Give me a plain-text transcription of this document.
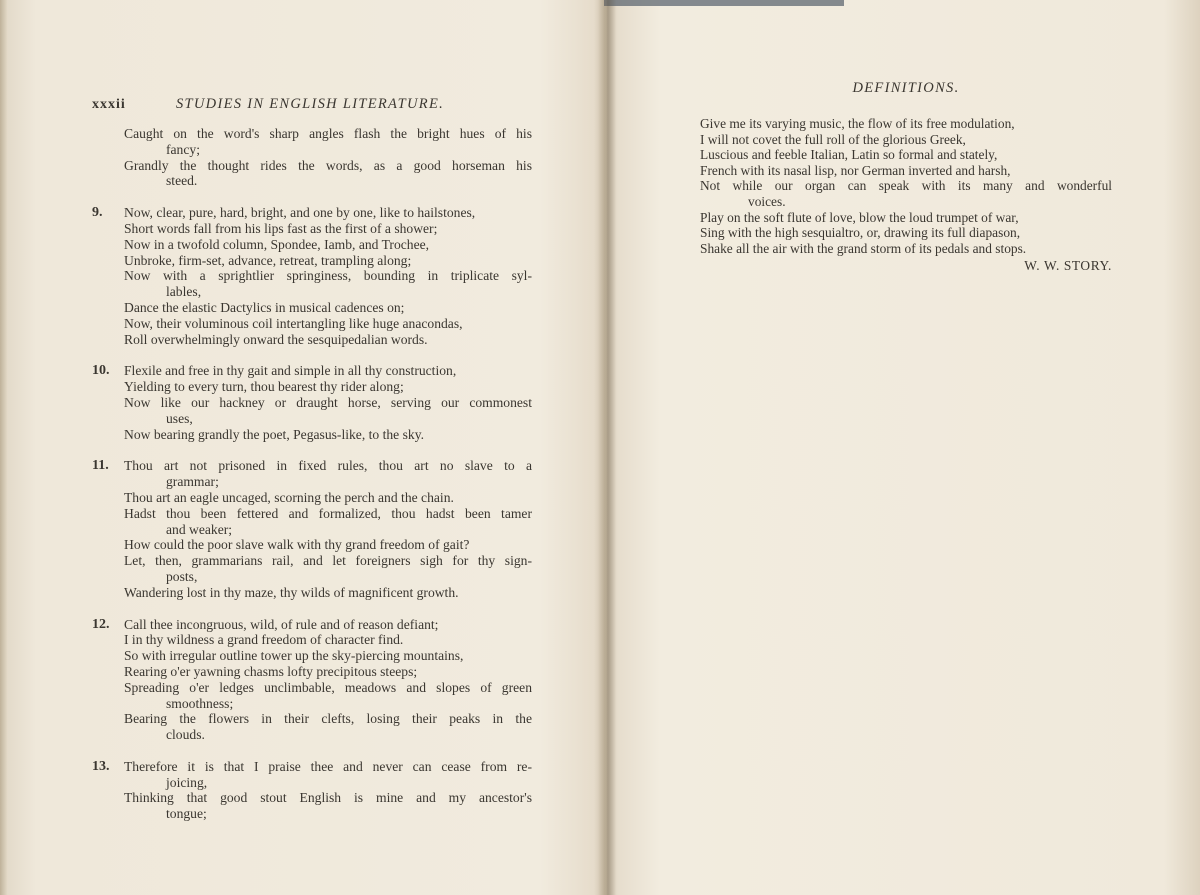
xxxii	STUDIES IN ENGLISH LITERATURE.
Caught on the word's sharp angles flash the bright hues of his
fancy;
Grandly the thought rides the words, as a good horseman his
steed.
9.	Now, clear, pure, hard, bright, and one by one, like to hailstones,
Short words fall from his lips fast as the first of a shower;
Now in a twofold column, Spondee, Iamb, and Trochee,
Unbroke, firm-set, advance, retreat, trampling along;
Now with a sprightlier springiness, bounding in triplicate syl-
lables,
Dance the elastic Dactylics in musical cadences on;
Now, their voluminous coil intertangling like huge anacondas,
Roll overwhelmingly onward the sesquipedalian words.
10.	Flexile and free in thy gait and simple in all thy construction,
Yielding to every turn, thou bearest thy rider along;
Now like our hackney or draught horse, serving our commonest
uses,
Now bearing grandly the poet, Pegasus-like, to the sky.
11.	Thou art not prisoned in fixed rules, thou art no slave to a
grammar;
Thou art an eagle uncaged, scorning the perch and the chain.
Hadst thou been fettered and formalized, thou hadst been tamer
and weaker;
How could the poor slave walk with thy grand freedom of gait?
Let, then, grammarians rail, and let foreigners sigh for thy sign-
posts,
Wandering lost in thy maze, thy wilds of magnificent growth.
12.	Call thee incongruous, wild, of rule and of reason defiant;
I in thy wildness a grand freedom of character find.
So with irregular outline tower up the sky-piercing mountains,
Rearing o'er yawning chasms lofty precipitous steeps;
Spreading o'er ledges unclimbable, meadows and slopes of green
smoothness;
Bearing the flowers in their clefts, losing their peaks in the
clouds.
13.	Therefore it is that I praise thee and never can cease from re-
joicing,
Thinking that good stout English is mine and my ancestor's
tongue;
DEFINITIONS.
Give me its varying music, the flow of its free modulation,
I will not covet the full roll of the glorious Greek,
Luscious and feeble Italian, Latin so formal and stately,
French with its nasal lisp, nor German inverted and harsh,
Not while our organ can speak with its many and wonderful
voices.
Play on the soft flute of love, blow the loud trumpet of war,
Sing with the high sesquialtro, or, drawing its full diapason,
Shake all the air with the grand storm of its pedals and stops.
W. W. STORY.
